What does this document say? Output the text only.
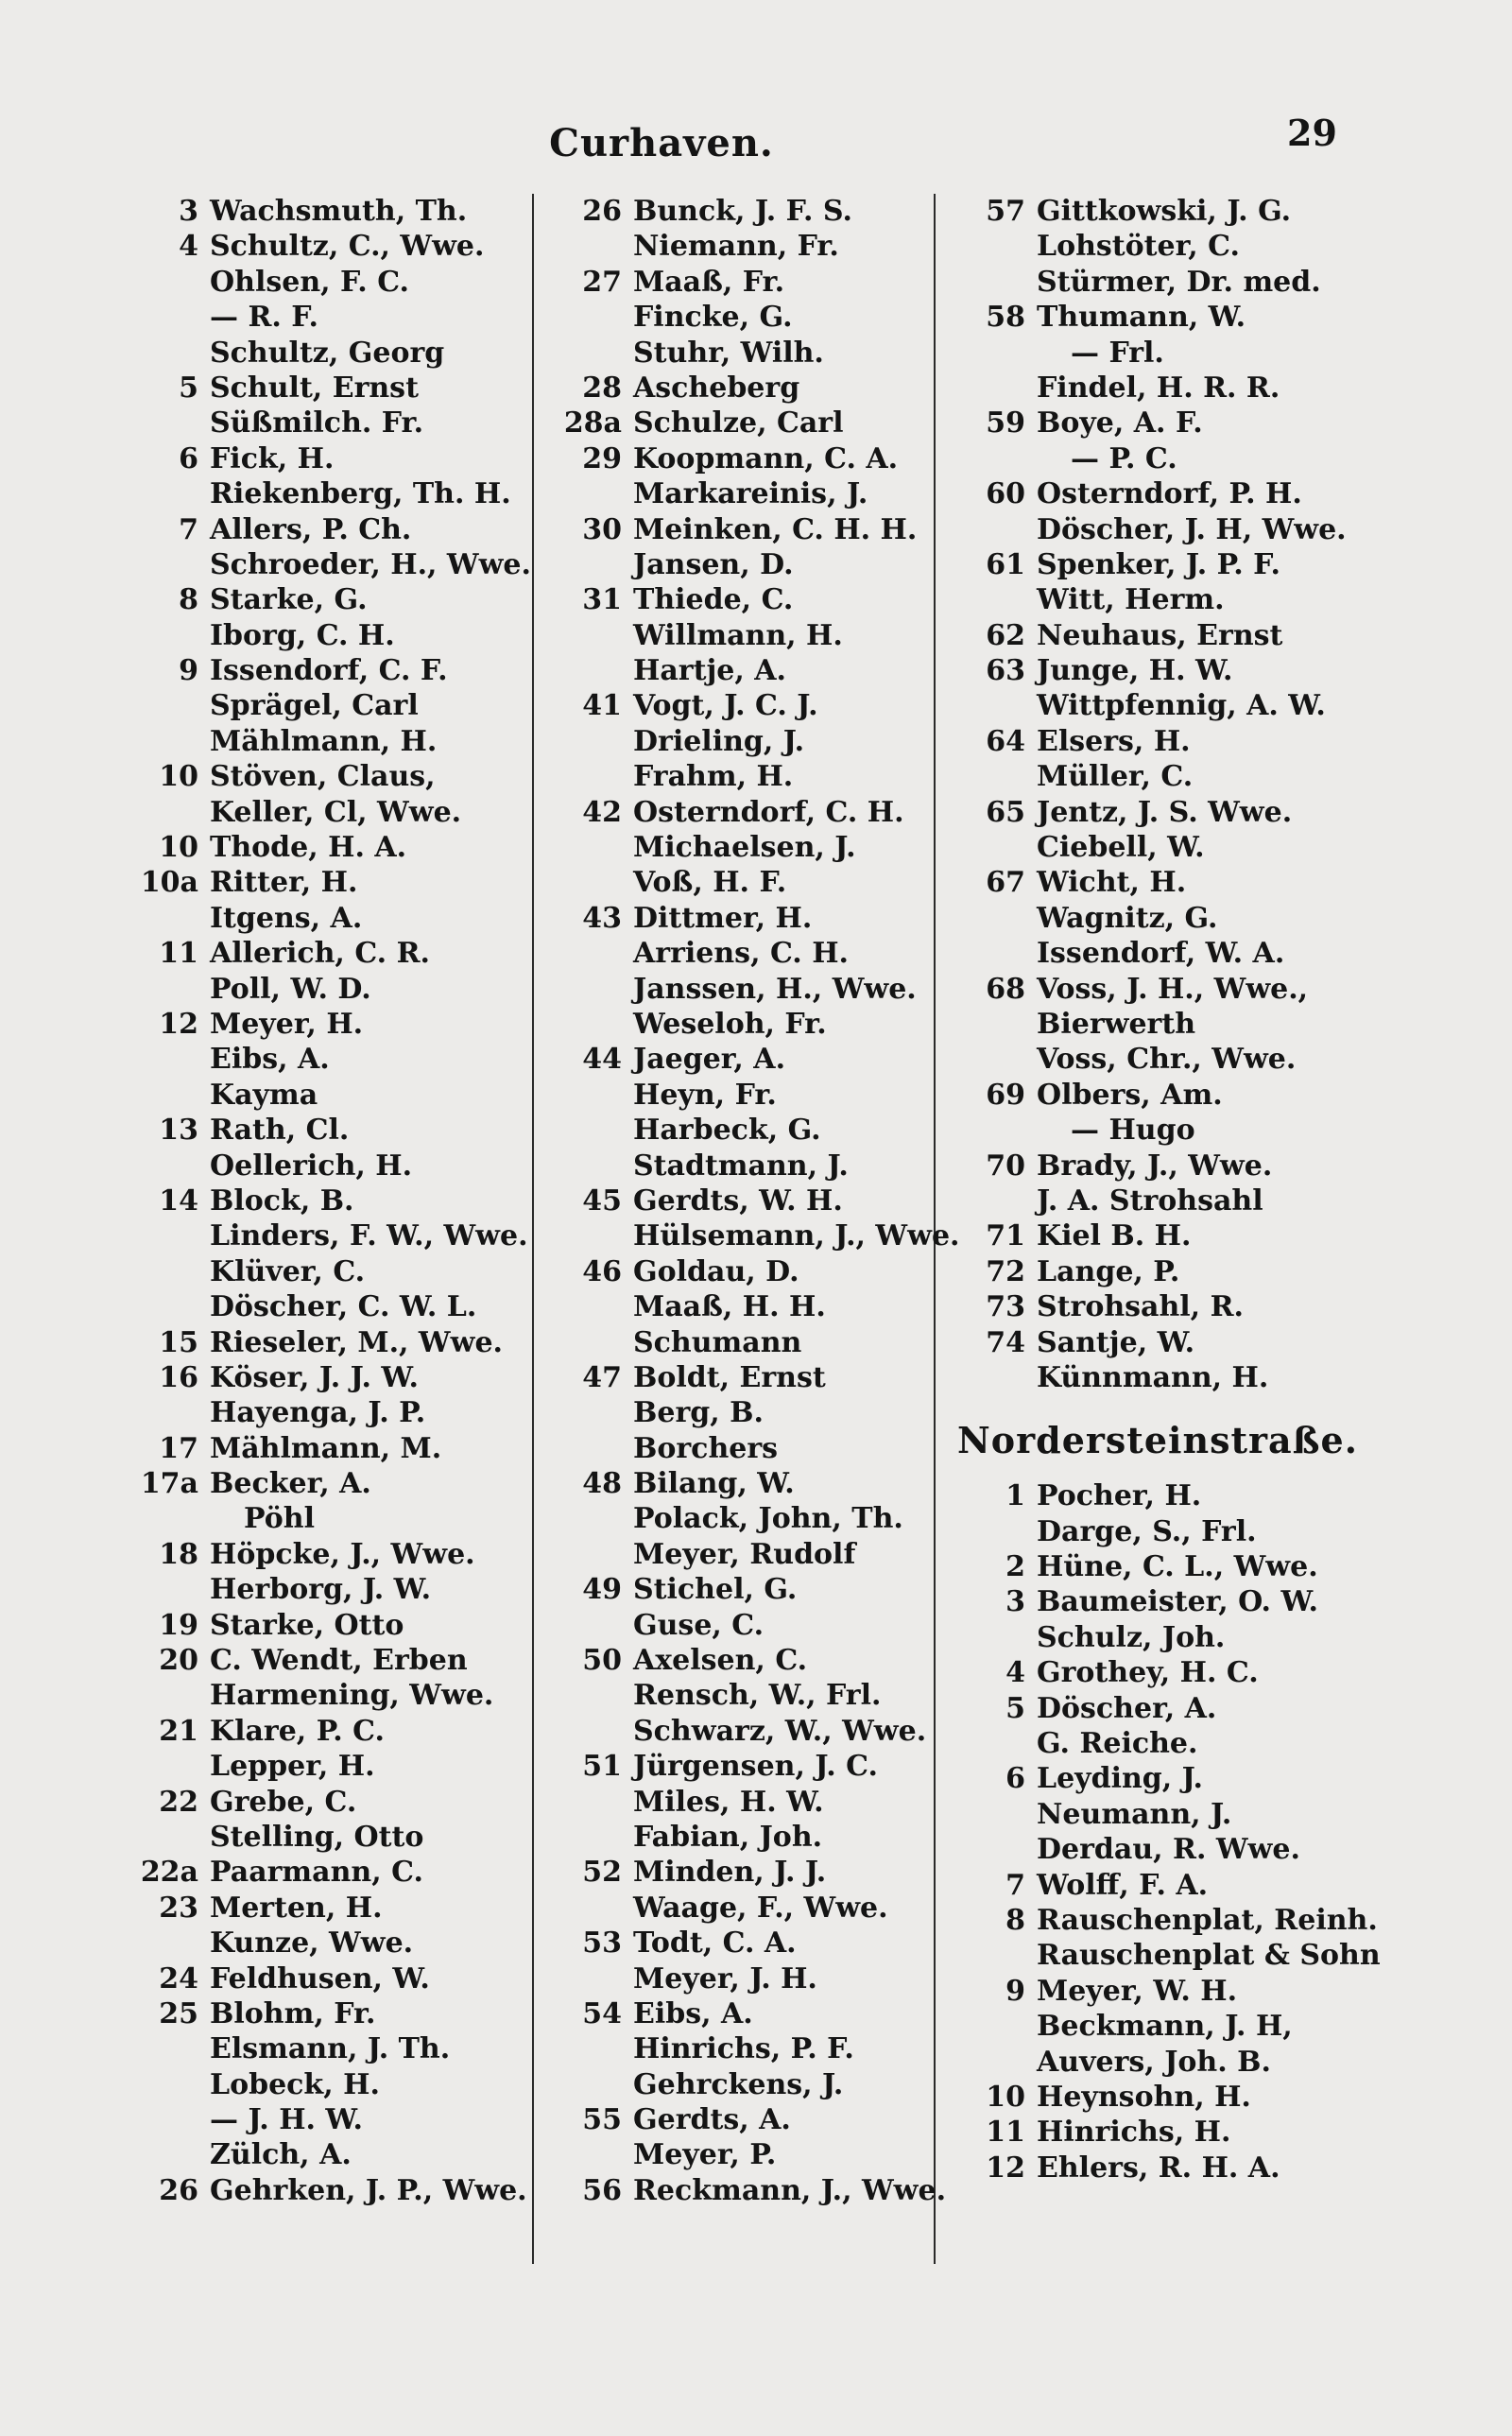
Curhaven.	29
3 Wachsmuth, Th.
4 Schultz, C., Wwe.
Ohlsen, F. C.
— R. F.
Schultz, Georg
5 Schult, Ernst
Süßmilch. Fr.
6 Fick, H.
Riekenberg, Th. H.
7 Allers, P. Ch.
Schroeder, H., Wwe.
8 Starke, G.
Iborg, C. H.
9 Issendorf, C. F.
Sprägel, Carl
Mählmann, H.
10 Stöven, Claus,
Keller, Cl, Wwe.
10 Thode, H. A.
10a Ritter, H.
Itgens, A.
11 Allerich, C. R.
Poll, W. D.
12 Meyer, H.
Eibs, A.
Kayma
13 Rath, Cl.
Oellerich, H.
14 Block, B.
Linders, F. W., Wwe.
Klüver, C.
Döscher, C. W. L.
15 Rieseler, M., Wwe.
16 Köser, J. J. W.
Hayenga, J. P.
17 Mählmann, M.
17a Becker, A.
Pöhl
18 Höpcke, J., Wwe.
Herborg, J. W.
19 Starke, Otto
20 C. Wendt, Erben
Harmening, Wwe.
21 Klare, P. C.
Lepper, H.
22 Grebe, C.
Stelling, Otto
22a Paarmann, C.
23 Merten, H.
Kunze, Wwe.
24 Feldhusen, W.
25 Blohm, Fr.
Elsmann, J. Th.
Lobeck, H.
— J. H. W.
Zülch, A.
26 Gehrken, J. P., Wwe.
26 Bunck, J. F. S.
Niemann, Fr.
27 Maaß, Fr.
Fincke, G.
Stuhr, Wilh.
28 Ascheberg
28a Schulze, Carl
29 Koopmann, C. A.
Markareinis, J.
30 Meinken, C. H. H.
Jansen, D.
31 Thiede, C.
Willmann, H.
Hartje, A.
41 Vogt, J. C. J.
Drieling, J.
Frahm, H.
42 Osterndorf, C. H.
Michaelsen, J.
Voß, H. F.
43 Dittmer, H.
Arriens, C. H.
Janssen, H., Wwe.
Weseloh, Fr.
44 Jaeger, A.
Heyn, Fr.
Harbeck, G.
Stadtmann, J.
45 Gerdts, W. H.
Hülsemann, J., Wwe.
46 Goldau, D.
Maaß, H. H.
Schumann
47 Boldt, Ernst
Berg, B.
Borchers
48 Bilang, W.
Polack, John, Th.
Meyer, Rudolf
49 Stichel, G.
Guse, C.
50 Axelsen, C.
Rensch, W., Frl.
Schwarz, W., Wwe.
51 Jürgensen, J. C.
Miles, H. W.
Fabian, Joh.
52 Minden, J. J.
Waage, F., Wwe.
53 Todt, C. A.
Meyer, J. H.
54 Eibs, A.
Hinrichs, P. F.
Gehrckens, J.
55 Gerdts, A.
Meyer, P.
56 Reckmann, J., Wwe.
57 Gittkowski, J. G.
Lohstöter, C.
Stürmer, Dr. med.
58 Thumann, W.
— Frl.
Findel, H. R. R.
59 Boye, A. F.
— P. C.
60 Osterndorf, P. H.
Döscher, J. H, Wwe.
61 Spenker, J. P. F.
Witt, Herm.
62 Neuhaus, Ernst
63 Junge, H. W.
Wittpfennig, A. W.
64 Elsers, H.
Müller, C.
65 Jentz, J. S. Wwe.
Ciebell, W.
67 Wicht, H.
Wagnitz, G.
Issendorf, W. A.
68 Voss, J. H., Wwe.,
Bierwerth
Voss, Chr., Wwe.
69 Olbers, Am.
— Hugo
70 Brady, J., Wwe.
J. A. Strohsahl
71 Kiel B. H.
72 Lange, P.
73 Strohsahl, R.
74 Santje, W.
Künnmann, H.
Nordersteinstraße.
1 Pocher, H.
Darge, S., Frl.
2 Hüne, C. L., Wwe.
3 Baumeister, O. W.
Schulz, Joh.
4 Grothey, H. C.
5 Döscher, A.
G. Reiche.
6 Leyding, J.
Neumann, J.
Derdau, R. Wwe.
7 Wolff, F. A.
8 Rauschenplat, Reinh.
Rauschenplat & Sohn
9 Meyer, W. H.
Beckmann, J. H,
Auvers, Joh. B.
10 Heynsohn, H.
11 Hinrichs, H.
12 Ehlers, R. H. A.
